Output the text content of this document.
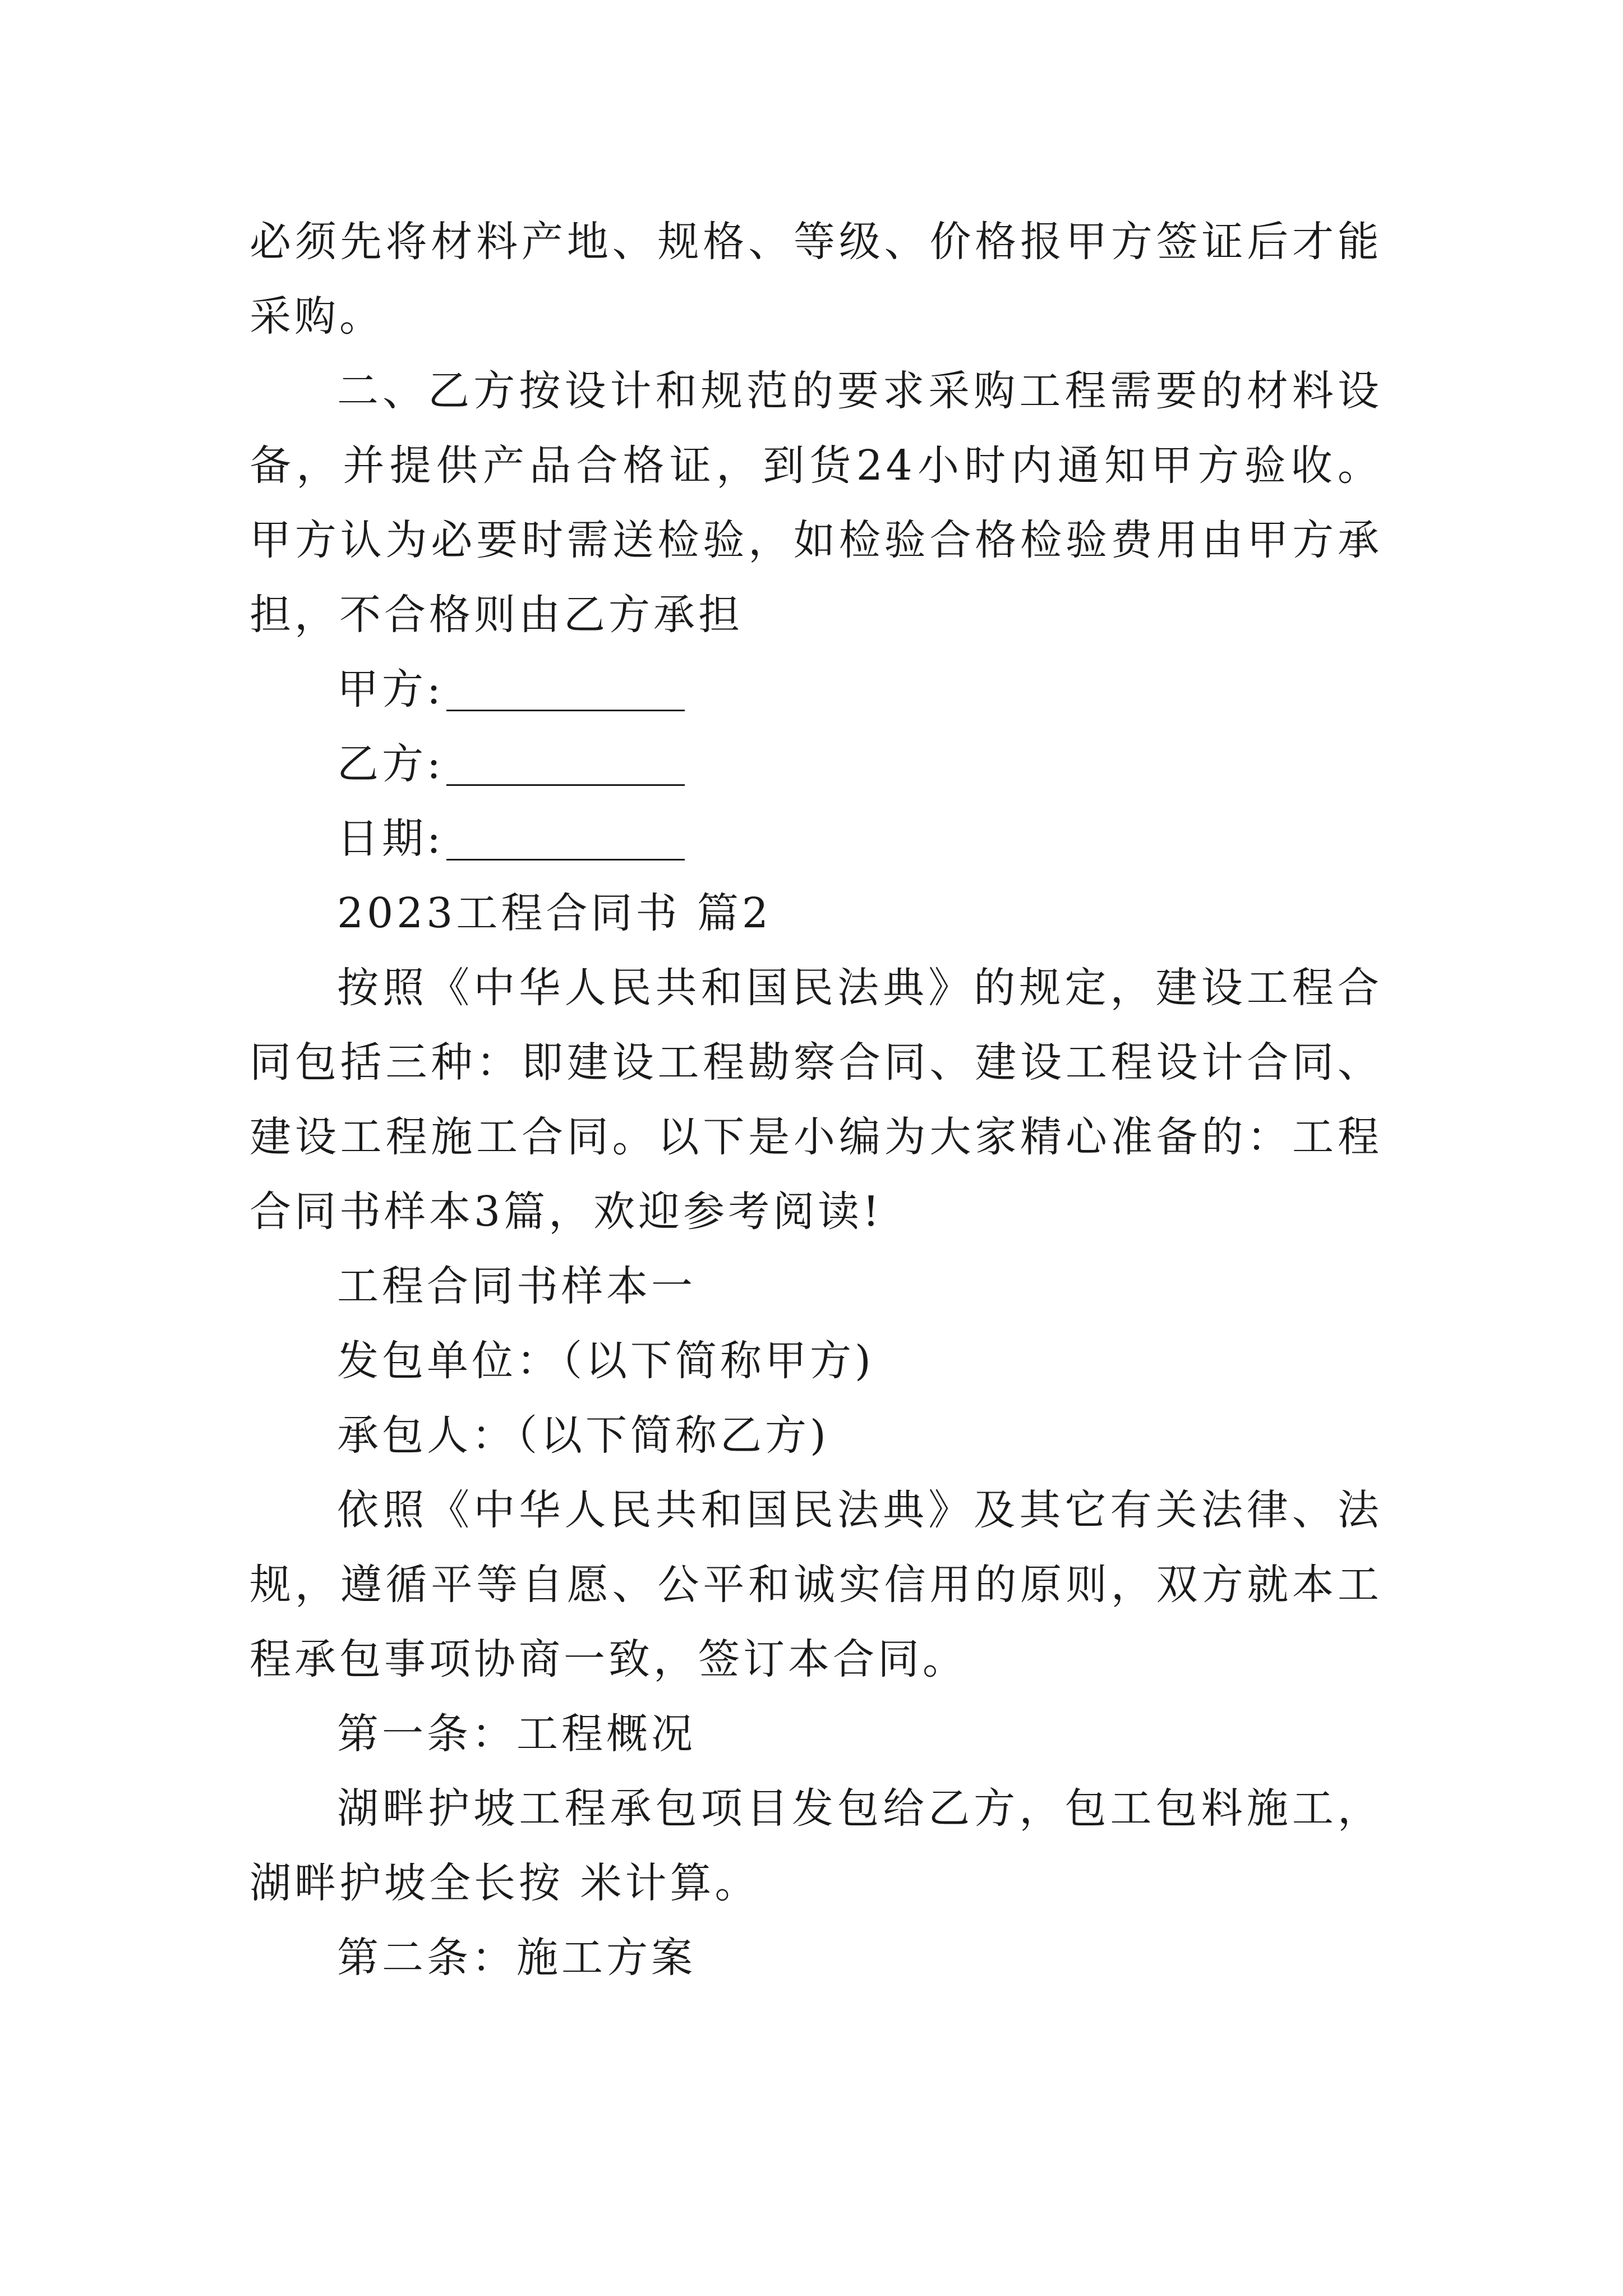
必须先将材料产地、规格、等级、价格报甲方签证后才能采购。

二、乙方按设计和规范的要求采购工程需要的材料设备，并提供产品合格证，到货24小时内通知甲方验收。甲方认为必要时需送检验，如检验合格检验费用由甲方承担，不合格则由乙方承担

甲方:

乙方:

日期:

2023工程合同书 篇2

按照《中华人民共和国民法典》的规定，建设工程合同包括三种：即建设工程勘察合同、建设工程设计合同、建设工程施工合同。以下是小编为大家精心准备的：工程合同书样本3篇，欢迎参考阅读!

工程合同书样本一

发包单位：（以下简称甲方)

承包人：（以下简称乙方)

依照《中华人民共和国民法典》及其它有关法律、法规，遵循平等自愿、公平和诚实信用的原则，双方就本工程承包事项协商一致，签订本合同。

第一条：工程概况

湖畔护坡工程承包项目发包给乙方，包工包料施工，湖畔护坡全长按 米计算。

第二条：施工方案
